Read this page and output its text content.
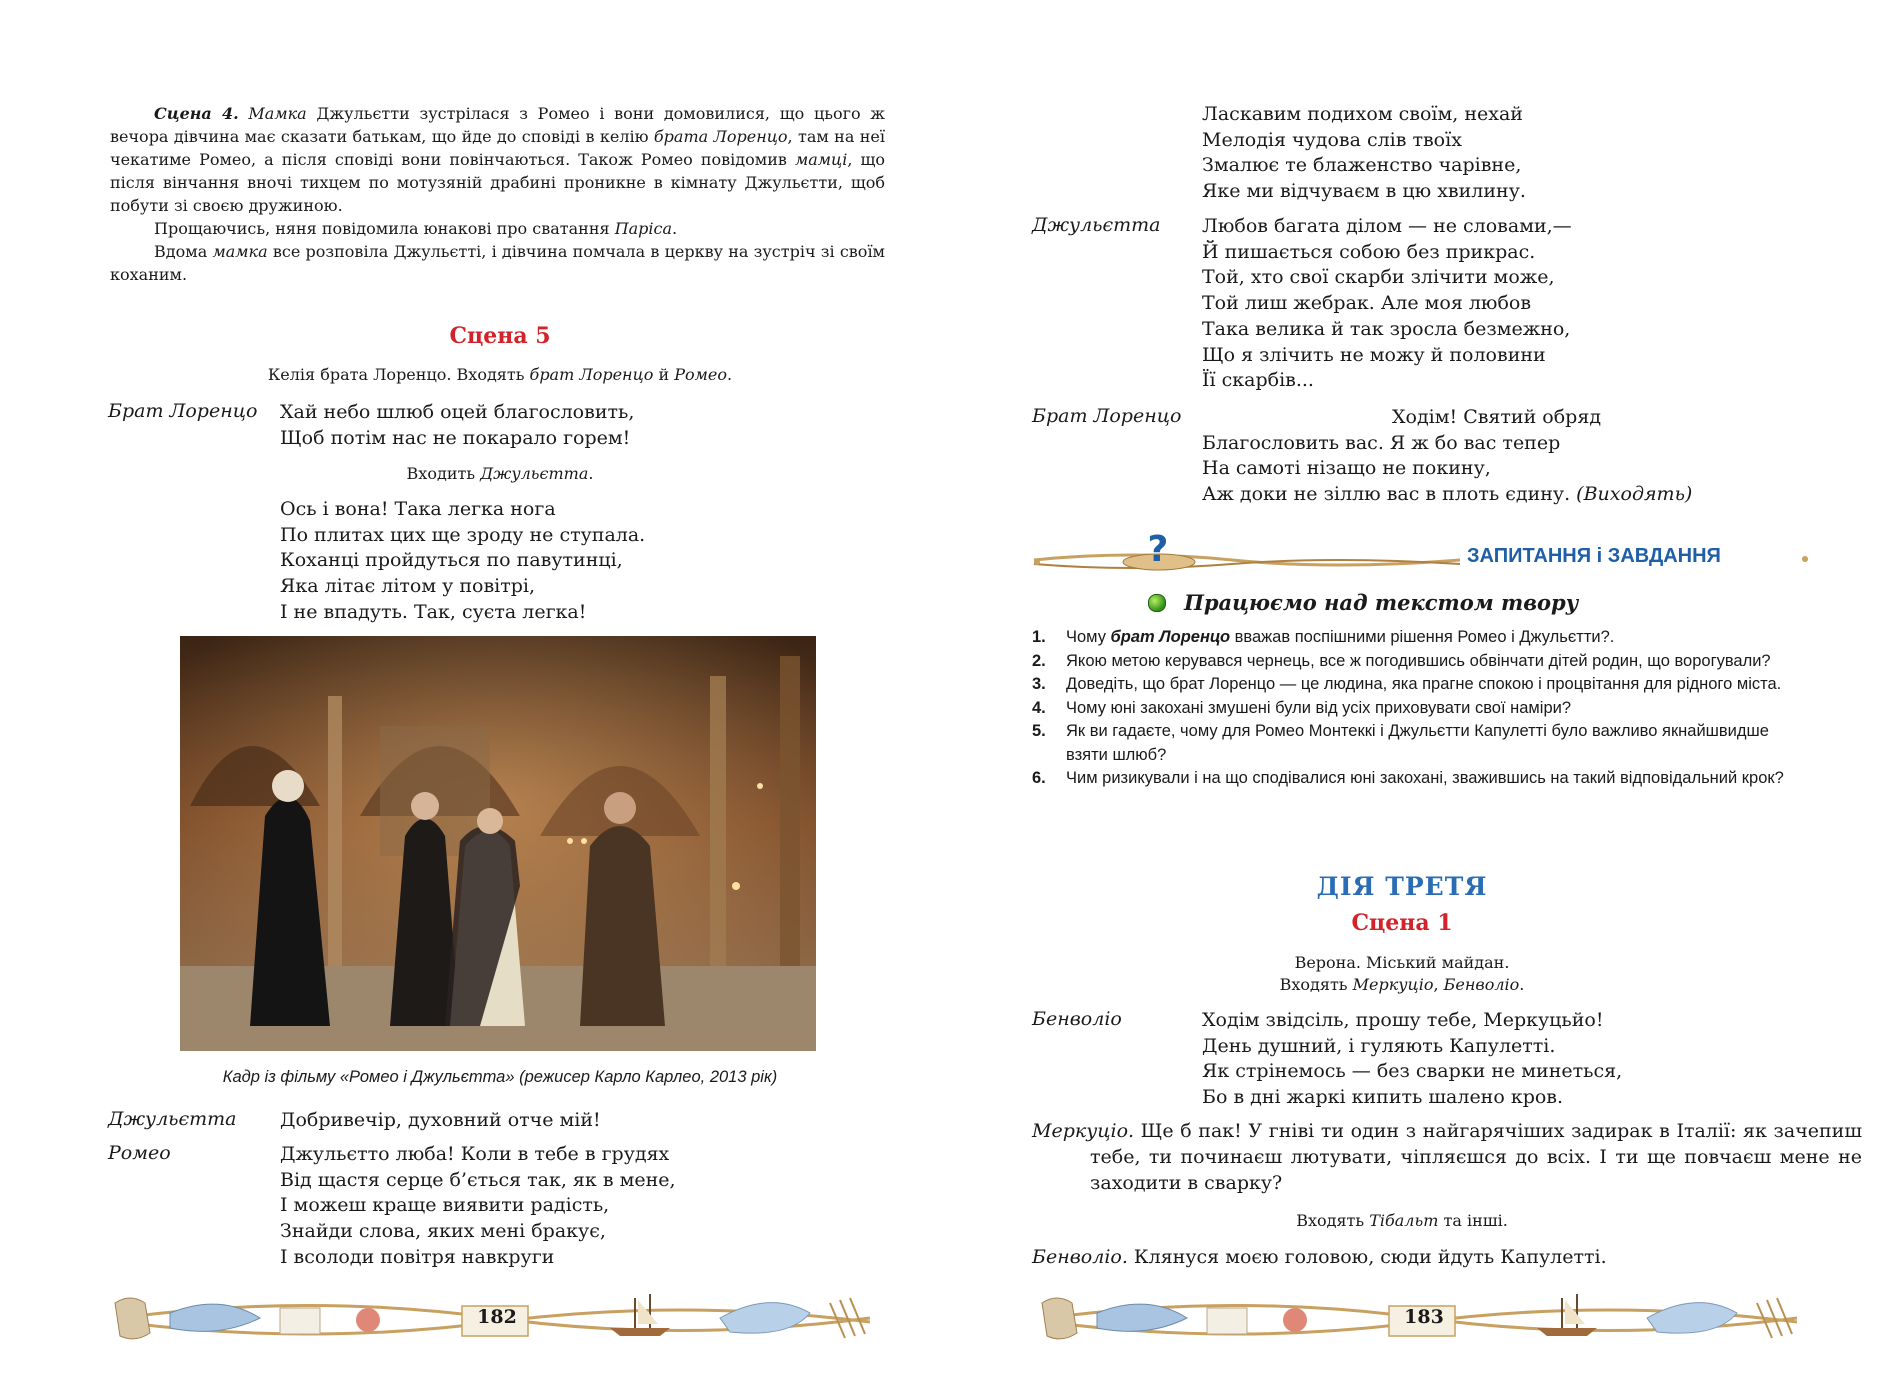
Сцена 4. Мамка Джульєтти зустрілася з Ромео і вони домовилися, що цього ж вечора дівчина має сказати батькам, що йде до сповіді в келію брата Лоренцо, там на неї чекатиме Ромео, а після сповіді вони повінчаються. Також Ромео повідомив мамці, що після вінчання вночі тихцем по мотузяній драбині проникне в кімнату Джульєтти, щоб побути зі своєю дружиною.

Прощаючись, няня повідомила юнакові про сватання Паріса.

Вдома мамка все розповіла Джульєтті, і дівчина помчала в церкву на зустріч зі своїм коханим.

Сцена 5
Келія брата Лоренцо. Входять брат Лоренцо й Ромео.
Брат Лоренцо Хай небо шлюб оцей благословить,
Щоб потім нас не покарало горем!
Входить Джульєтта.
Ось і вона! Така легка нога
По плитах цих ще зроду не ступала.
Коханці пройдуться по павутинці,
Яка літає літом у повітрі,
І не впадуть. Так, суєта легка!
Кадр із фільму «Ромео і Джульєтта» (режисер Карло Карлео, 2013 рік)
Джульєтта Добривечір, духовний отче мій!
Ромео	Джульєтто люба! Коли в тебе в грудях
Від щастя серце б’ється так, як в мене,
І можеш краще виявити радість,
Знайди слова, яких мені бракує,
І всолоди повітря навкруги
182
Ласкавим подихом своїм, нехай
Мелодія чудова слів твоїх
Змалює те блаженство чарівне,
Яке ми відчуваєм в цю хвилину.
Джульєтта Любов багата ділом — не словами,—
Й пишається собою без прикрас.
Той, хто свої скарби злічити може,
Той лиш жебрак. Але моя любов
Така велика й так зросла безмежно,
Що я злічить не можу й половини
Її скарбів...
Брат Лоренцо	Ходім! Святий обряд
Благословить вас. Я ж бо вас тепер
На самоті нізащо не покину,
Аж доки не зіллю вас в плоть єдину. (Виходять)
?	ЗАПИТАННЯ і ЗАВДАННЯ
Працюємо над текстом твору
1. Чому брат Лоренцо вважав поспішними рішення Ромео і Джульєтти?.
2. Якою метою керувався чернець, все ж погодившись обвінчати дітей родин, що ворогували?
3. Доведіть, що брат Лоренцо — це людина, яка прагне спокою і процвітання для рідного міста.
4. Чому юні закохані змушені були від усіх приховувати свої наміри?
5. Як ви гадаєте, чому для Ромео Монтеккі і Джульєтти Капулетті було важливо якнайшвидше взяти шлюб?
6. Чим ризикували і на що сподівалися юні закохані, зважившись на такий відповідальний крок?
ДІЯ ТРЕТЯ
Сцена 1
Верона. Міський майдан.
Входять Меркуціо, Бенволіо.
Бенволіо	Ходім звідсіль, прошу тебе, Меркуцьйо!
День душний, і гуляють Капулетті.
Як стрінемось — без сварки не минеться,
Бо в дні жаркі кипить шалено кров.
Меркуціо. Ще б пак! У гніві ти один з найгарячіших задирак в Італії: як зачепиш тебе, ти починаєш лютувати, чіпляєшся до всіх. І ти ще повчаєш мене не заходити в сварку?
Входять Тібальт та інші.
Бенволіо. Клянуся моєю головою, сюди йдуть Капулетті.
183
